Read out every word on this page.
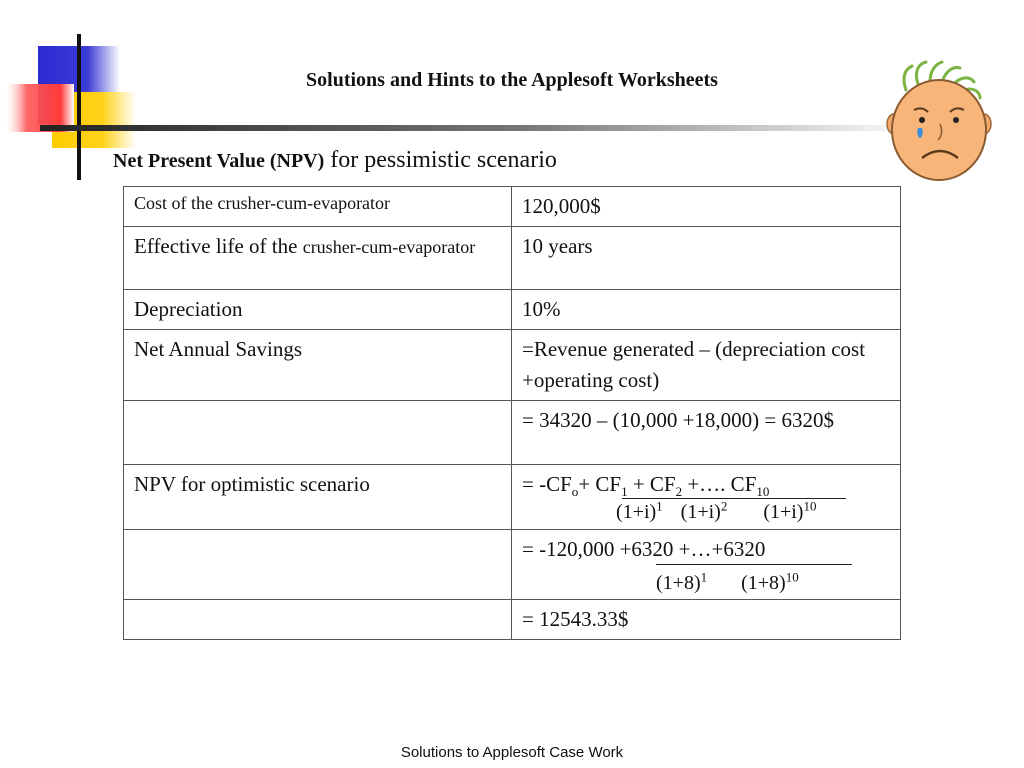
Solutions and Hints to the Applesoft Worksheets
Net Present Value (NPV) for pessimistic scenario
Cost of the crusher-cum-evaporator	120,000$
Effective life of the crusher-cum-evaporator	10 years
Depreciation	10%
Net Annual Savings	=Revenue generated – (depreciation cost +operating cost)
	= 34320 – (10,000 +18,000) = 6320$
NPV for optimistic scenario	= $-CF_o+ CF_1 + CF_2$ +…. $CF_{10}$
$(1+i)^1$ $(1+i)^2$ $(1+i)^{10}$

	= -120,000 +6320 +…+6320
$(1+8)^1$ $(1+8)^{10}$

	= 12543.33$
Solutions to Applesoft Case Work
